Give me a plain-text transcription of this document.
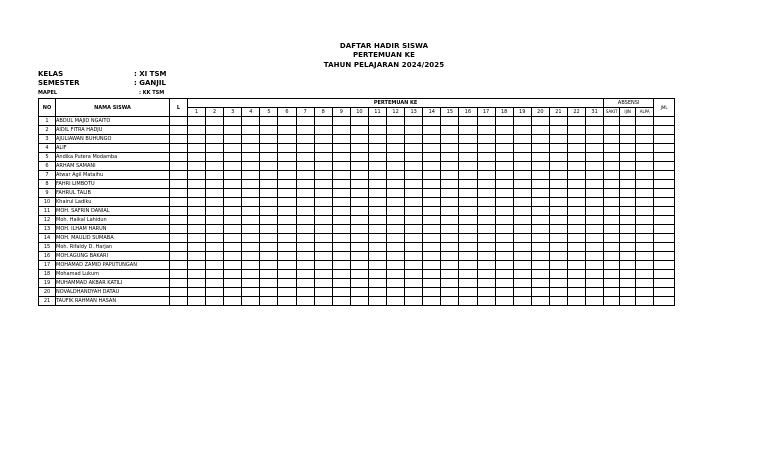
DAFTAR HADIR SISWA
PERTEMUAN KE
TAHUN PELAJARAN 2024/2025
KELAS	: XI TSM
SEMESTER	: GANJIL
MAPEL	: KK TSM
NO	NAMA SISWA	L	PERTEMUAN KE																							ABSENSI			JML
			1	2	3	4	5	6	7	8	9	10	11	12	13	14	15	16	17	18	19	20	21	22	31	SAKIT	IJIN	ALPA	
1	ABDUL MAJID NGAITO																												
2	AIDIL FITRA HADJU																												
3	AJULIAWAN BUHUNGO																												
4	ALIF																												
5	Andika Putera Modamba																												
6	ARHAM SAMANI																												
7	Atwar Agil Mataihu																												
8	FAHRI LIMBOTU																												
9	FAHRUL TALIB																												
10	Khairul Ladiku																												
11	MOH. SAFRIN DANIAL																												
12	Moh. Haikal Lahidun																												
13	MOH. ILHAM HARUN																												
14	MOH. MAULID SUMABA																												
15	Moh. Rifaldy D. Harjan																												
16	MOH.AGUNG BAKARI																												
17	MOHAMAD ZAMID PAPUTUNGAN																												
18	Mohamad Lukum																												
19	MUHAMMAD AKBAR KATILI																												
20	NOVALDHANDYAH DATAU																												
21	TAUFIK RAHMAN HASAN																												
